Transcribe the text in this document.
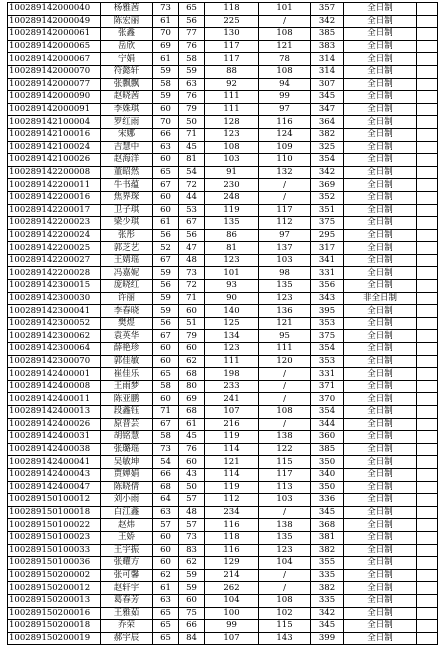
100289142000040	杨雅茜	73	65	118	101	357	全日制	
100289142000049	陈宏丽	61	56	225	/	342	全日制	
100289142000061	张鑫	70	77	130	108	385	全日制	
100289142000065	岳欣	69	76	117	121	383	全日制	
100289142000067	宁娟	61	58	117	78	314	全日制	
100289142000070	符懿轩	59	59	88	108	314	全日制	
100289142000077	张飘飘	58	63	92	94	307	全日制	
100289142000090	赵晓茜	59	76	111	99	345	全日制	
100289142000091	李姝琪	60	79	111	97	347	全日制	
100289142100004	罗红雨	70	50	128	116	364	全日制	
100289142100016	宋娜	66	71	123	124	382	全日制	
100289142100024	吉慧中	63	45	108	109	325	全日制	
100289142100026	赵海洋	60	81	103	110	354	全日制	
100289142200008	董昭然	65	54	91	132	342	全日制	
100289142200011	牛书蕴	67	72	230	/	369	全日制	
100289142200016	焦界琛	60	44	248	/	352	全日制	
100289142200017	卫子琪	60	53	119	117	351	全日制	
100289142200023	梁少琪	61	67	135	112	375	全日制	
100289142200024	张彤	56	56	86	97	295	全日制	
100289142200025	郭芝艺	52	47	81	137	317	全日制	
100289142200027	王婧瑶	67	48	123	103	341	全日制	
100289142200028	冯嘉妮	59	73	101	98	331	全日制	
100289142300015	庞晓红	56	72	93	135	356	全日制	
100289142300030	许丽	59	71	90	123	343	非全日制	
100289142300041	李春晓	59	60	140	136	395	全日制	
100289142300052	樊煜	56	51	125	121	353	全日制	
100289142300062	袁英华	67	79	134	95	375	全日制	
100289142300064	薛艳珍	60	60	123	111	354	全日制	
100289142300070	郭佳敏	60	62	111	120	353	全日制	
100289142400001	崔佳乐	65	68	198	/	331	全日制	
100289142400008	王雨梦	58	80	233	/	371	全日制	
100289142400011	陈亚鹏	60	69	241	/	370	全日制	
100289142400013	段鑫钰	71	68	107	108	354	全日制	
100289142400026	原晋芸	67	61	216	/	344	全日制	
100289142400031	胡铭慧	58	45	119	138	360	全日制	
100289142400038	张璐瑶	73	76	114	122	385	全日制	
100289142400041	吴敏坤	54	60	121	115	350	全日制	
100289142400043	贾婵娟	66	43	114	117	340	全日制	
100289142400047	陈晓倩	68	50	119	113	350	全日制	
100289150100012	刘小雨	64	57	112	103	336	全日制	
100289150100018	白江鑫	63	48	234	/	345	全日制	
100289150100022	赵炜	57	57	116	138	368	全日制	
100289150100023	王娇	60	73	118	135	381	全日制	
100289150100033	王宇振	60	83	116	123	382	全日制	
100289150100036	张耀方	60	62	129	104	355	全日制	
100289150200002	张可馨	62	59	214	/	335	全日制	
100289150200012	赵轩宇	61	59	262	/	382	全日制	
100289150200013	葛春芳	63	60	104	108	335	全日制	
100289150200016	王雅茹	65	75	100	102	342	全日制	
100289150200018	乔荣	65	66	99	115	345	全日制	
100289150200019	郝宇辰	65	84	107	143	399	全日制	
